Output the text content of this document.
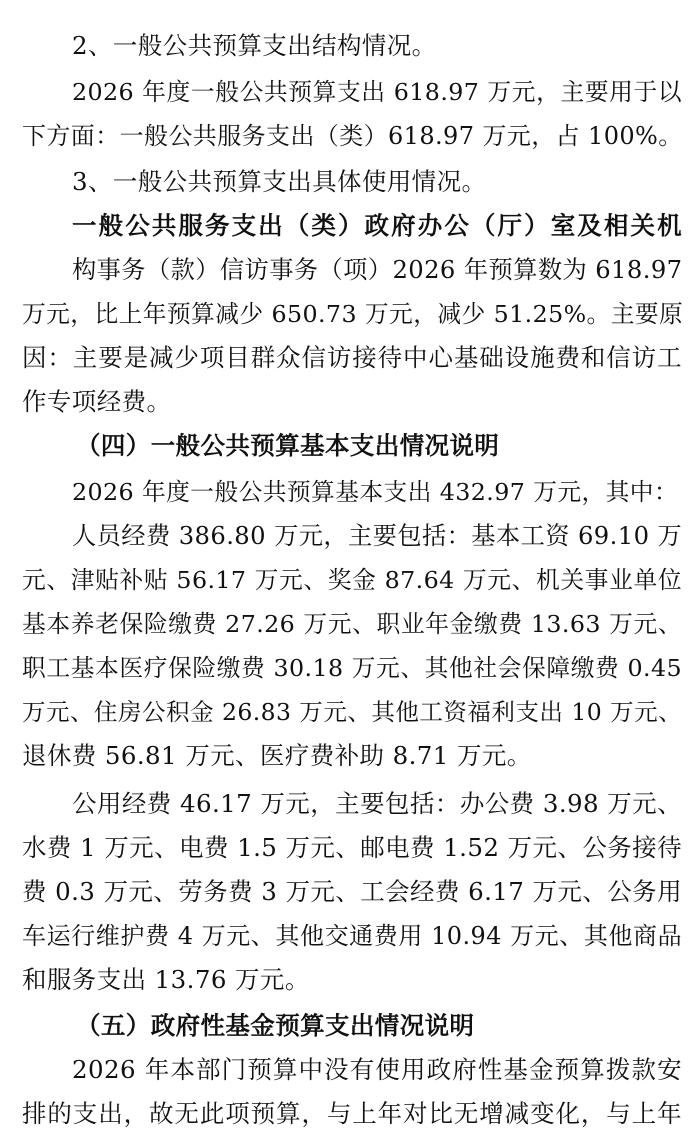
2、一般公共预算支出结构情况。
2026 年度一般公共预算支出 618.97 万元，主要用于以
下方面：一般公共服务支出（类）618.97 万元，占 100%。
3、一般公共预算支出具体使用情况。
一般公共服务支出（类）政府办公（厅）室及相关机
构事务（款）信访事务（项）2026 年预算数为 618.97
万元，比上年预算减少 650.73 万元，减少 51.25%。主要原
因：主要是减少项目群众信访接待中心基础设施费和信访工
作专项经费。
（四）一般公共预算基本支出情况说明
2026 年度一般公共预算基本支出 432.97 万元，其中：
人员经费 386.80 万元，主要包括：基本工资 69.10 万
元、津贴补贴 56.17 万元、奖金 87.64 万元、机关事业单位
基本养老保险缴费 27.26 万元、职业年金缴费 13.63 万元、
职工基本医疗保险缴费 30.18 万元、其他社会保障缴费 0.45
万元、住房公积金 26.83 万元、其他工资福利支出 10 万元、
退休费 56.81 万元、医疗费补助 8.71 万元。
公用经费 46.17 万元，主要包括：办公费 3.98 万元、
水费 1 万元、电费 1.5 万元、邮电费 1.52 万元、公务接待
费 0.3 万元、劳务费 3 万元、工会经费 6.17 万元、公务用
车运行维护费 4 万元、其他交通费用 10.94 万元、其他商品
和服务支出 13.76 万元。
（五）政府性基金预算支出情况说明
2026 年本部门预算中没有使用政府性基金预算拨款安
排的支出，故无此项预算，与上年对比无增减变化，与上年
